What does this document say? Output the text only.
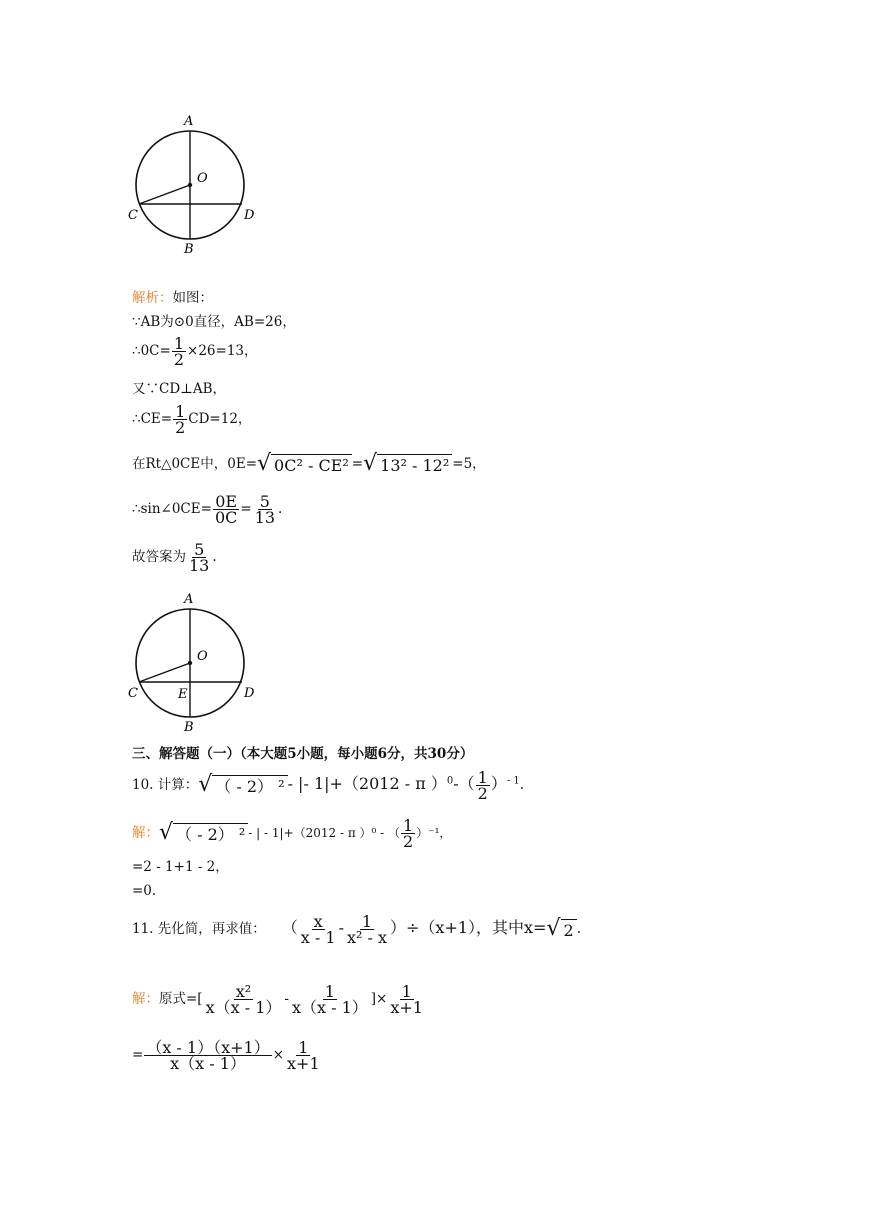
A
O
C	D
B
解析：如图：
∵AB为⊙0直径，AB=26，
∴0C= $\frac{1}{2} \times 26=13$，
又∵CD⊥AB，
∴CE= $\frac{1}{2} CD=12$，
在Rt△0CE中，0E= √ 0C² - CE² = √ 13² - 12² =5，
∴sin∠0CE= $\frac{0E}{0C} = \frac{5}{13}$ .
故答案为 $\frac{5}{13}$ .
A
O
C	D
E
B
三、解答题（一）（本大题5小题，每小题6分，共30分）
10. 计算： √ （ - 2） ² - |- 1|+（2012 - π ）$^0-( \frac{1}{2} )^{- 1}$.
解： √ （ - 2） ² - | - 1|+（2012 - π ）⁰ - （ $\frac{1}{2} )^{-1}$，
=2 - 1+1 - 2，
=0.
11. 先化简，再求值： （ $\frac{x}{x - 1} - \frac{1}{\text{x² - x}} )\div(x+1)$，其中x= √ 2 .
解：原式=[ $\frac{\text{x²}}{x(x - 1)} - \frac{1}{x(x - 1)}$ ]× $\frac{1}{x+1}$
= $\frac{(x - 1)(x+1)}{x(x - 1)} \times \frac{1}{x+1}$
